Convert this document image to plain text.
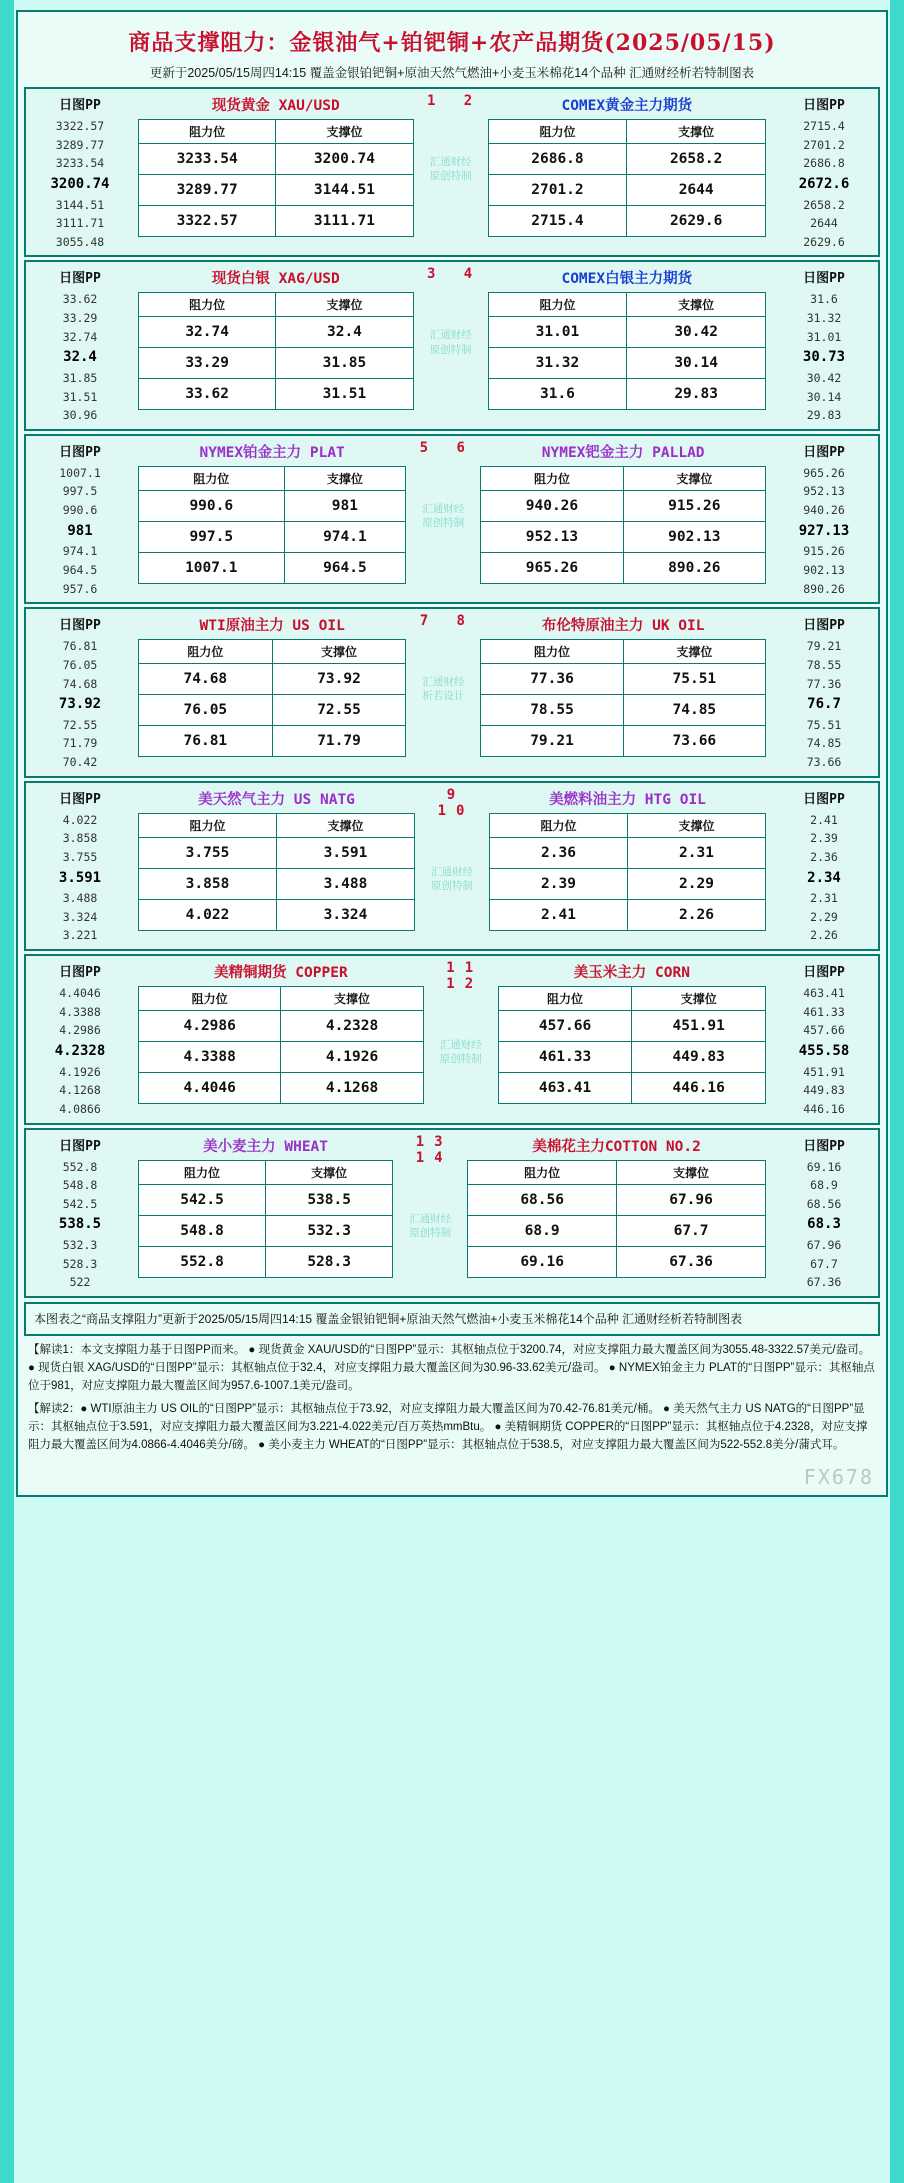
商品支撑阻力：金银油气+铂钯铜+农产品期货(2025/05/15)
更新于2025/05/15周四14:15 覆盖金银铂钯铜+原油天然气燃油+小麦玉米棉花14个品种 汇通财经析若特制图表
日图PP
3322.57
3289.77
3233.54
3200.74
3144.51
3111.71
3055.48
现货黄金 XAU/USD
阻力位	支撑位
3233.54	3200.74
3289.77	3144.51
3322.57	3111.71
1 2
汇通财经
原创特制
COMEX黄金主力期货
阻力位	支撑位
2686.8	2658.2
2701.2	2644
2715.4	2629.6
日图PP
2715.4
2701.2
2686.8
2672.6
2658.2
2644
2629.6
日图PP
33.62
33.29
32.74
32.4
31.85
31.51
30.96
现货白银 XAG/USD
阻力位	支撑位
32.74	32.4
33.29	31.85
33.62	31.51
3 4
汇通财经
原创特制
COMEX白银主力期货
阻力位	支撑位
31.01	30.42
31.32	30.14
31.6	29.83
日图PP
31.6
31.32
31.01
30.73
30.42
30.14
29.83
日图PP
1007.1
997.5
990.6
981
974.1
964.5
957.6
NYMEX铂金主力 PLAT
阻力位	支撑位
990.6	981
997.5	974.1
1007.1	964.5
5 6
汇通财经
原创特制
NYMEX钯金主力 PALLAD
阻力位	支撑位
940.26	915.26
952.13	902.13
965.26	890.26
日图PP
965.26
952.13
940.26
927.13
915.26
902.13
890.26
日图PP
76.81
76.05
74.68
73.92
72.55
71.79
70.42
WTI原油主力 US OIL
阻力位	支撑位
74.68	73.92
76.05	72.55
76.81	71.79
7 8
汇通财经
析若设计
布伦特原油主力 UK OIL
阻力位	支撑位
77.36	75.51
78.55	74.85
79.21	73.66
日图PP
79.21
78.55
77.36
76.7
75.51
74.85
73.66
日图PP
4.022
3.858
3.755
3.591
3.488
3.324
3.221
美天然气主力 US NATG
阻力位	支撑位
3.755	3.591
3.858	3.488
4.022	3.324
9 10
汇通财经
原创特制
美燃料油主力 HTG OIL
阻力位	支撑位
2.36	2.31
2.39	2.29
2.41	2.26
日图PP
2.41
2.39
2.36
2.34
2.31
2.29
2.26
日图PP
4.4046
4.3388
4.2986
4.2328
4.1926
4.1268
4.0866
美精铜期货 COPPER
阻力位	支撑位
4.2986	4.2328
4.3388	4.1926
4.4046	4.1268
11 12
汇通财经
原创特制
美玉米主力 CORN
阻力位	支撑位
457.66	451.91
461.33	449.83
463.41	446.16
日图PP
463.41
461.33
457.66
455.58
451.91
449.83
446.16
日图PP
552.8
548.8
542.5
538.5
532.3
528.3
522
美小麦主力 WHEAT
阻力位	支撑位
542.5	538.5
548.8	532.3
552.8	528.3
13 14
汇通财经
原创特制
美棉花主力COTTON NO.2
阻力位	支撑位
68.56	67.96
68.9	67.7
69.16	67.36
日图PP
69.16
68.9
68.56
68.3
67.96
67.7
67.36
本图表之“商品支撑阻力”更新于2025/05/15周四14:15 覆盖金银铂钯铜+原油天然气燃油+小麦玉米棉花14个品种 汇通财经析若特制图表

【解读1：本文支撑阻力基于日图PP而来。 ● 现货黄金 XAU/USD的“日图PP”显示：其枢轴点位于3200.74，对应支撑阻力最大覆盖区间为3055.48-3322.57美元/盎司。 ● 现货白银 XAG/USD的“日图PP”显示：其枢轴点位于32.4，对应支撑阻力最大覆盖区间为30.96-33.62美元/盎司。 ● NYMEX铂金主力 PLAT的“日图PP”显示：其枢轴点位于981，对应支撑阻力最大覆盖区间为957.6-1007.1美元/盎司。

【解读2：● WTI原油主力 US OIL的“日图PP”显示：其枢轴点位于73.92，对应支撑阻力最大覆盖区间为70.42-76.81美元/桶。 ● 美天然气主力 US NATG的“日图PP”显示：其枢轴点位于3.591，对应支撑阻力最大覆盖区间为3.221-4.022美元/百万英热mmBtu。 ● 美精铜期货 COPPER的“日图PP”显示：其枢轴点位于4.2328，对应支撑阻力最大覆盖区间为4.0866-4.4046美分/磅。 ● 美小麦主力 WHEAT的“日图PP”显示：其枢轴点位于538.5，对应支撑阻力最大覆盖区间为522-552.8美分/蒲式耳。

FX678
